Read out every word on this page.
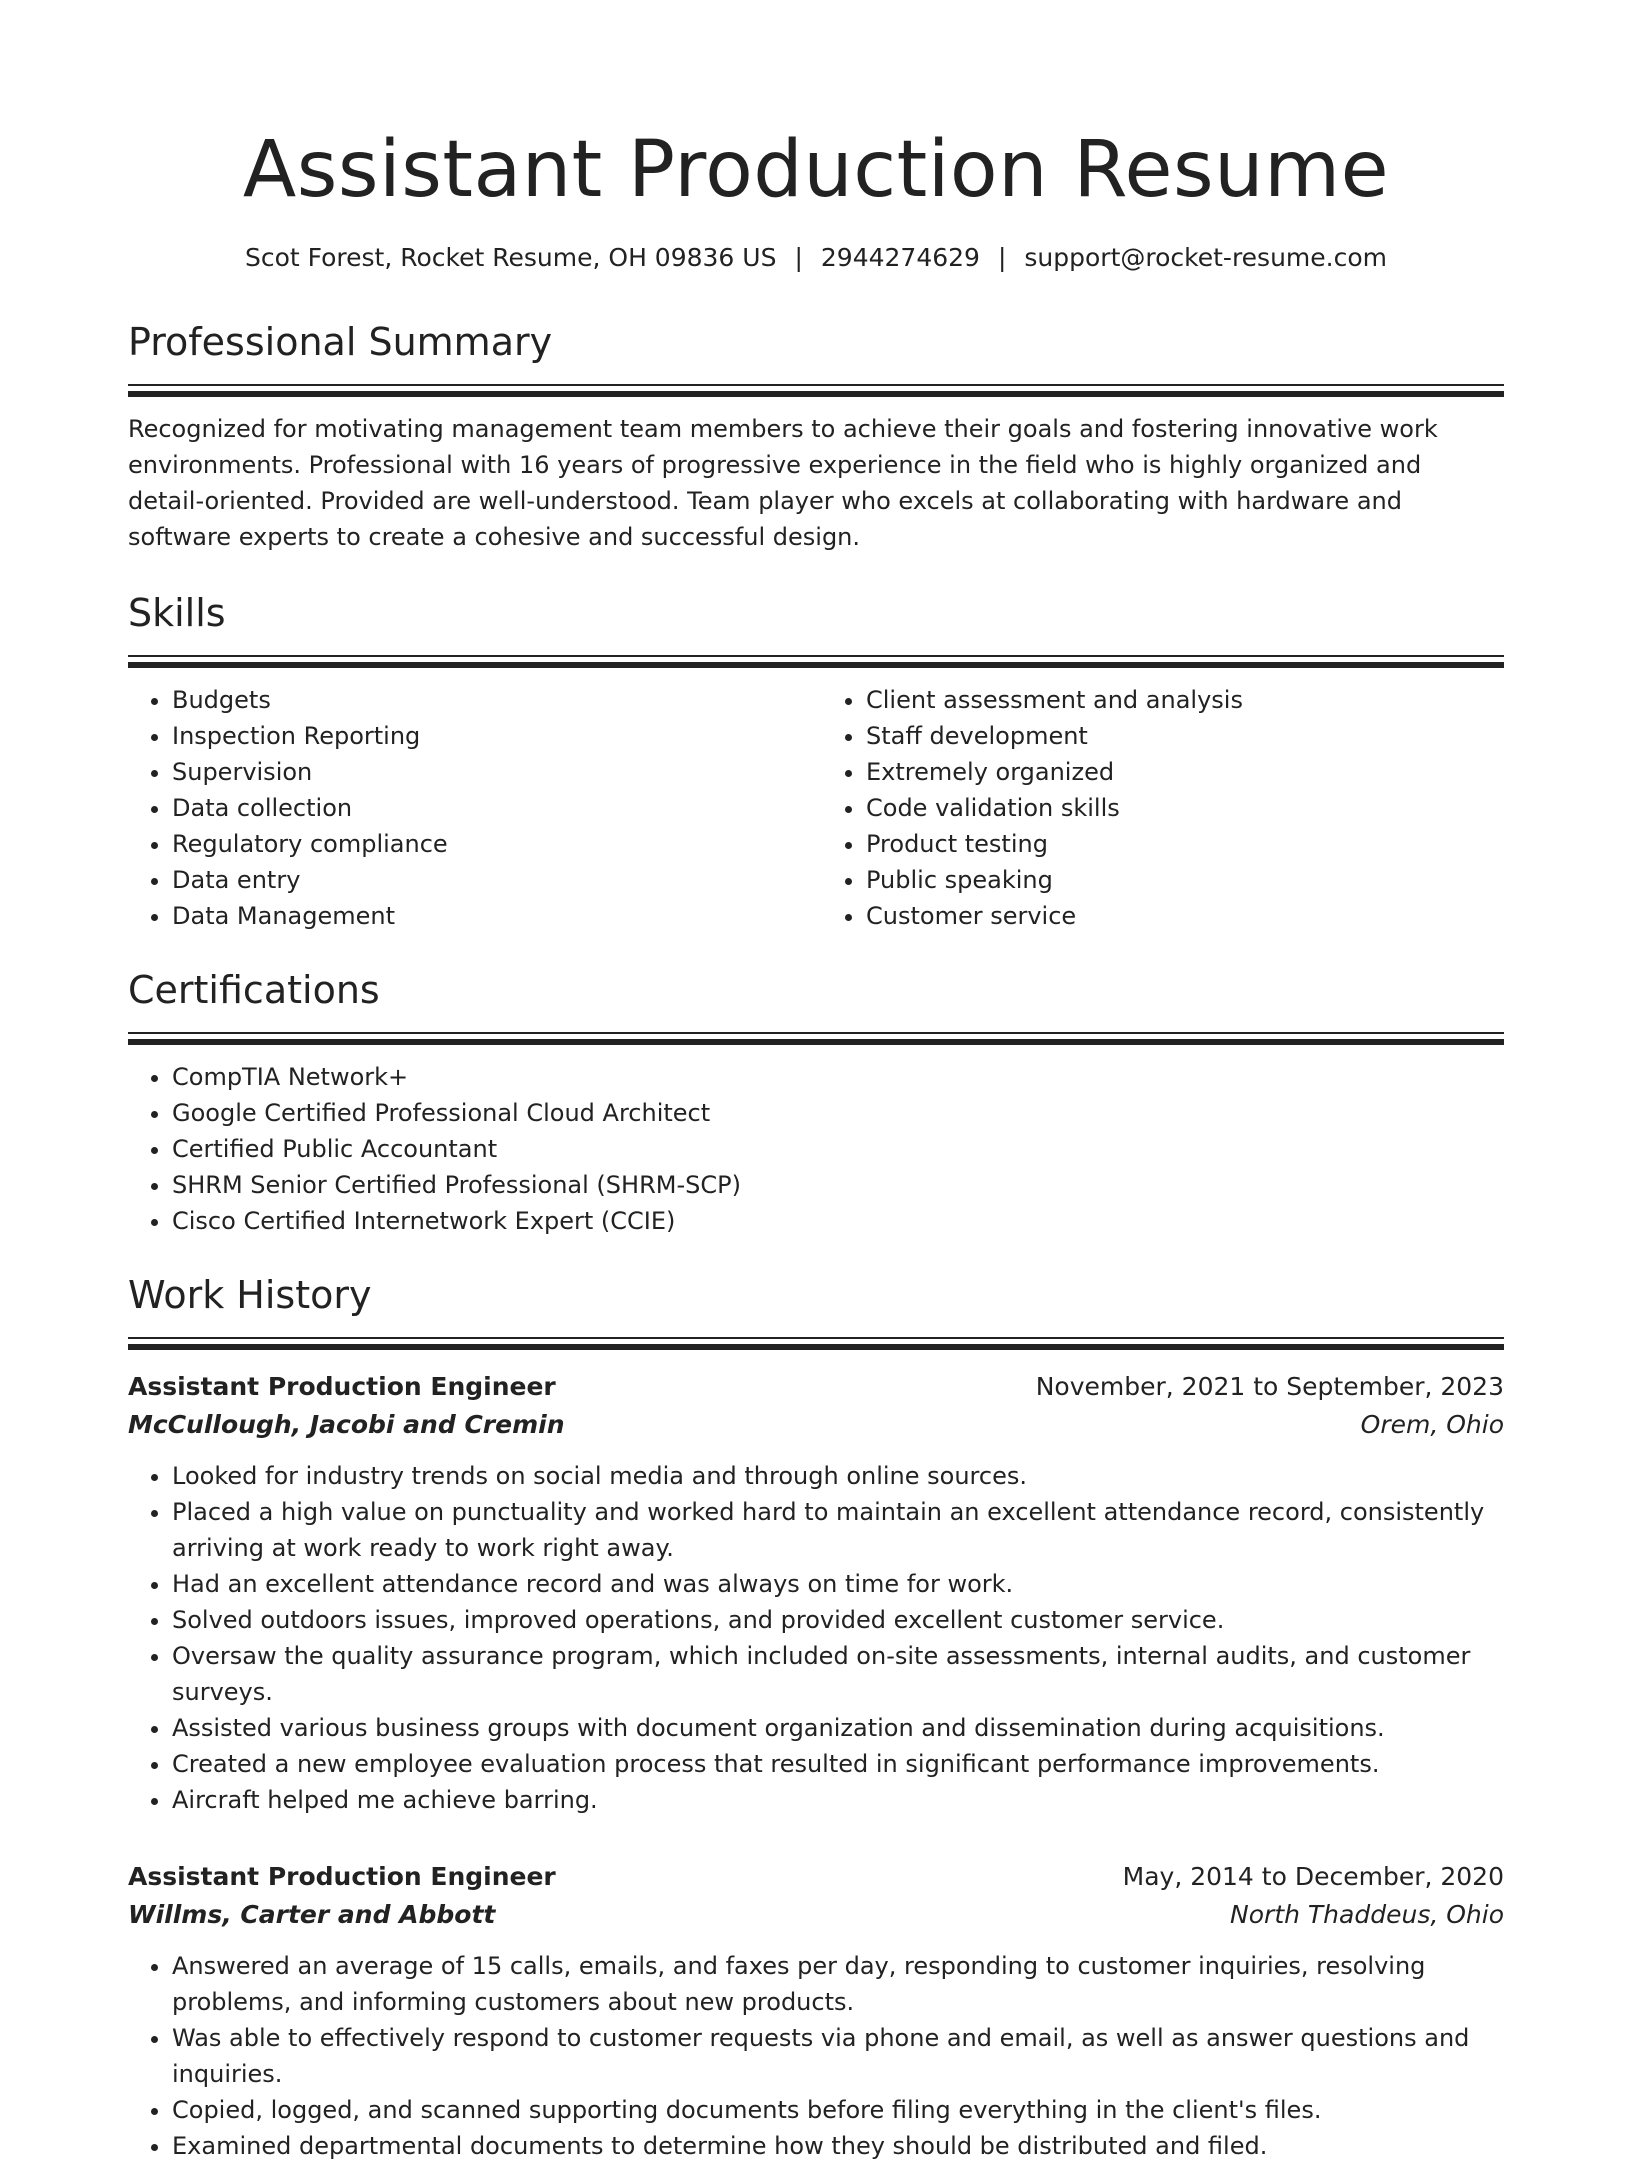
Assistant Production Resume
Scot Forest, Rocket Resume, OH 09836 US | 2944274629 | support@rocket-resume.com
Professional Summary

Recognized for motivating management team members to achieve their goals and fostering innovative work environments. Professional with 16 years of progressive experience in the field who is highly organized and detail-oriented. Provided are well-understood. Team player who excels at collaborating with hardware and software experts to create a cohesive and successful design.

Skills
• Budgets
• Inspection Reporting
• Supervision
• Data collection
• Regulatory compliance
• Data entry
• Data Management
• Client assessment and analysis
• Staff development
• Extremely organized
• Code validation skills
• Product testing
• Public speaking
• Customer service
Certifications
• CompTIA Network+
• Google Certified Professional Cloud Architect
• Certified Public Accountant
• SHRM Senior Certified Professional (SHRM-SCP)
• Cisco Certified Internetwork Expert (CCIE)
Work History
Assistant Production Engineer	November, 2021 to September, 2023
McCullough, Jacobi and Cremin	Orem, Ohio
• Looked for industry trends on social media and through online sources.
• Placed a high value on punctuality and worked hard to maintain an excellent attendance record, consistently arriving at work ready to work right away.
• Had an excellent attendance record and was always on time for work.
• Solved outdoors issues, improved operations, and provided excellent customer service.
• Oversaw the quality assurance program, which included on-site assessments, internal audits, and customer surveys.
• Assisted various business groups with document organization and dissemination during acquisitions.
• Created a new employee evaluation process that resulted in significant performance improvements.
• Aircraft helped me achieve barring.
Assistant Production Engineer	May, 2014 to December, 2020
Willms, Carter and Abbott	North Thaddeus, Ohio
• Answered an average of 15 calls, emails, and faxes per day, responding to customer inquiries, resolving problems, and informing customers about new products.
• Was able to effectively respond to customer requests via phone and email, as well as answer questions and inquiries.
• Copied, logged, and scanned supporting documents before filing everything in the client's files.
• Examined departmental documents to determine how they should be distributed and filed.
